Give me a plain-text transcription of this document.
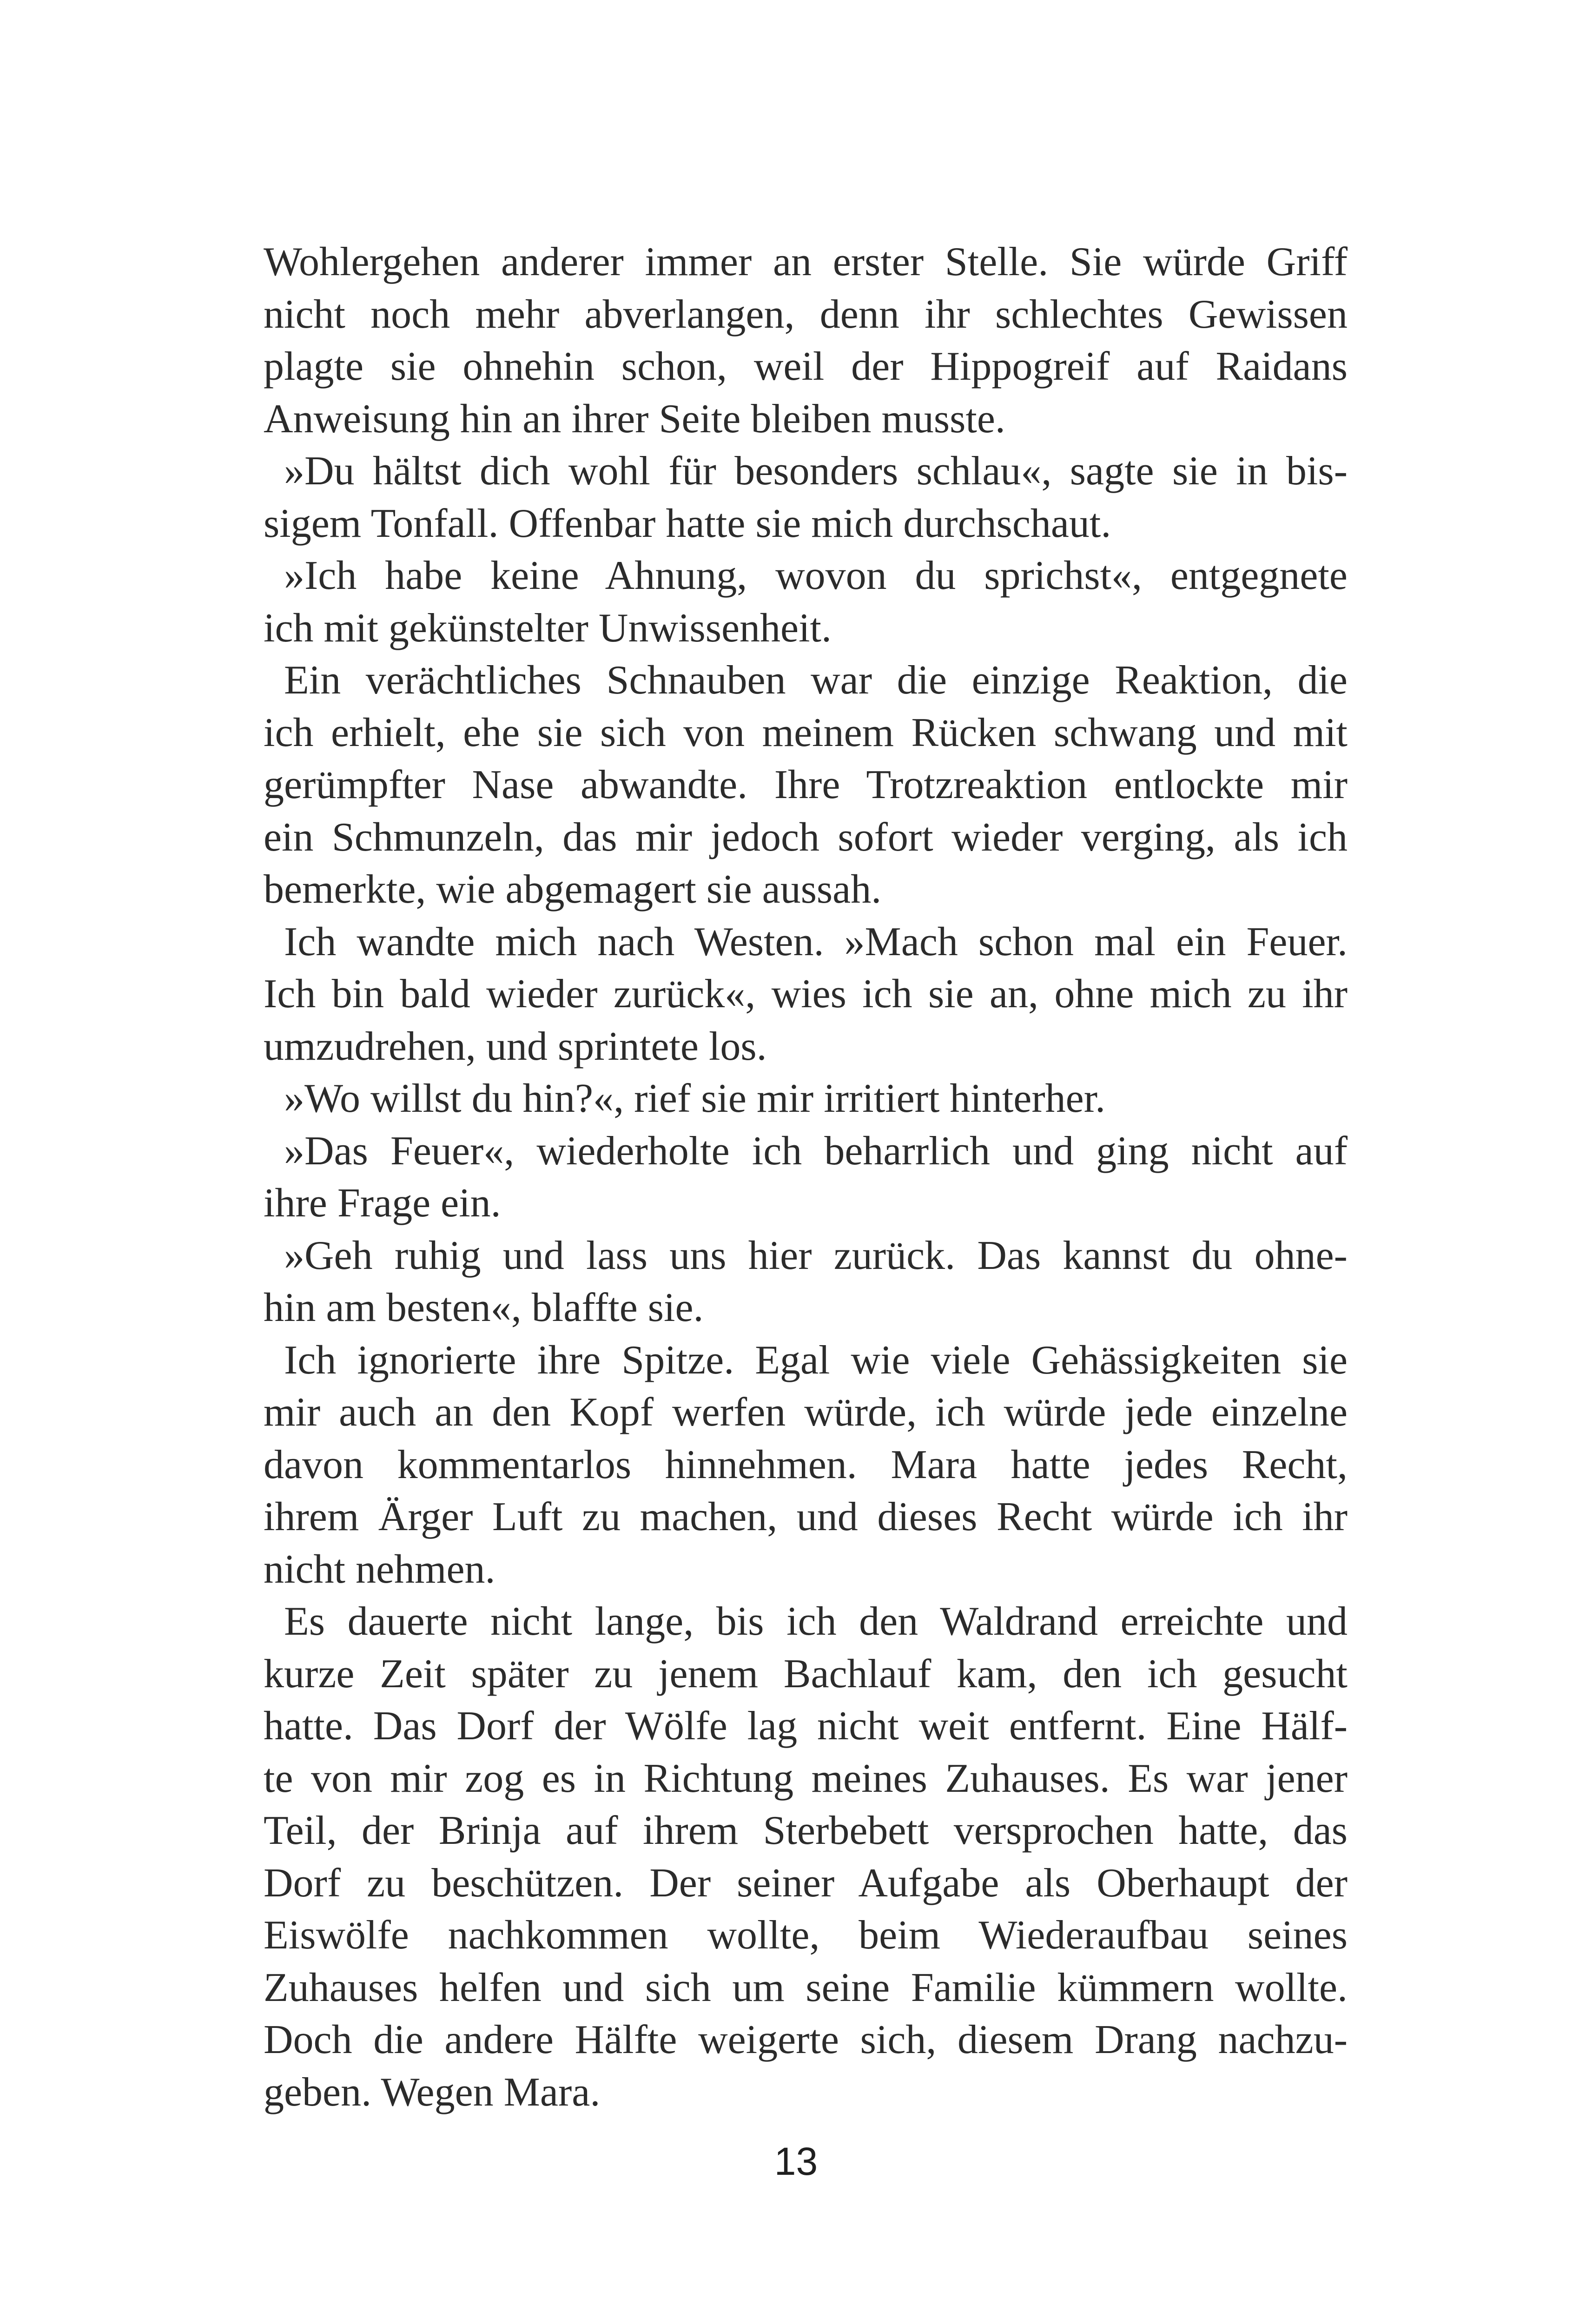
Wohlergehen anderer immer an erster Stelle. Sie würde Griff
nicht noch mehr abverlangen, denn ihr schlechtes Gewissen
plagte sie ohnehin schon, weil der Hippogreif auf Raidans
Anweisung hin an ihrer Seite bleiben musste.
»Du hältst dich wohl für besonders schlau«, sagte sie in bis-
sigem Tonfall. Offenbar hatte sie mich durchschaut.
»Ich habe keine Ahnung, wovon du sprichst«, entgegnete
ich mit gekünstelter Unwissenheit.
Ein verächtliches Schnauben war die einzige Reaktion, die
ich erhielt, ehe sie sich von meinem Rücken schwang und mit
gerümpfter Nase abwandte. Ihre Trotzreaktion entlockte mir
ein Schmunzeln, das mir jedoch sofort wieder verging, als ich
bemerkte, wie abgemagert sie aussah.
Ich wandte mich nach Westen. »Mach schon mal ein Feuer.
Ich bin bald wieder zurück«, wies ich sie an, ohne mich zu ihr
umzudrehen, und sprintete los.
»Wo willst du hin?«, rief sie mir irritiert hinterher.
»Das Feuer«, wiederholte ich beharrlich und ging nicht auf
ihre Frage ein.
»Geh ruhig und lass uns hier zurück. Das kannst du ohne-
hin am besten«, blaffte sie.
Ich ignorierte ihre Spitze. Egal wie viele Gehässigkeiten sie
mir auch an den Kopf werfen würde, ich würde jede einzelne
davon kommentarlos hinnehmen. Mara hatte jedes Recht,
ihrem Ärger Luft zu machen, und dieses Recht würde ich ihr
nicht nehmen.
Es dauerte nicht lange, bis ich den Waldrand erreichte und
kurze Zeit später zu jenem Bachlauf kam, den ich gesucht
hatte. Das Dorf der Wölfe lag nicht weit entfernt. Eine Hälf-
te von mir zog es in Richtung meines Zuhauses. Es war jener
Teil, der Brinja auf ihrem Sterbebett versprochen hatte, das
Dorf zu beschützen. Der seiner Aufgabe als Oberhaupt der
Eiswölfe nachkommen wollte, beim Wiederaufbau seines
Zuhauses helfen und sich um seine Familie kümmern wollte.
Doch die andere Hälfte weigerte sich, diesem Drang nachzu-
geben. Wegen Mara.
13
